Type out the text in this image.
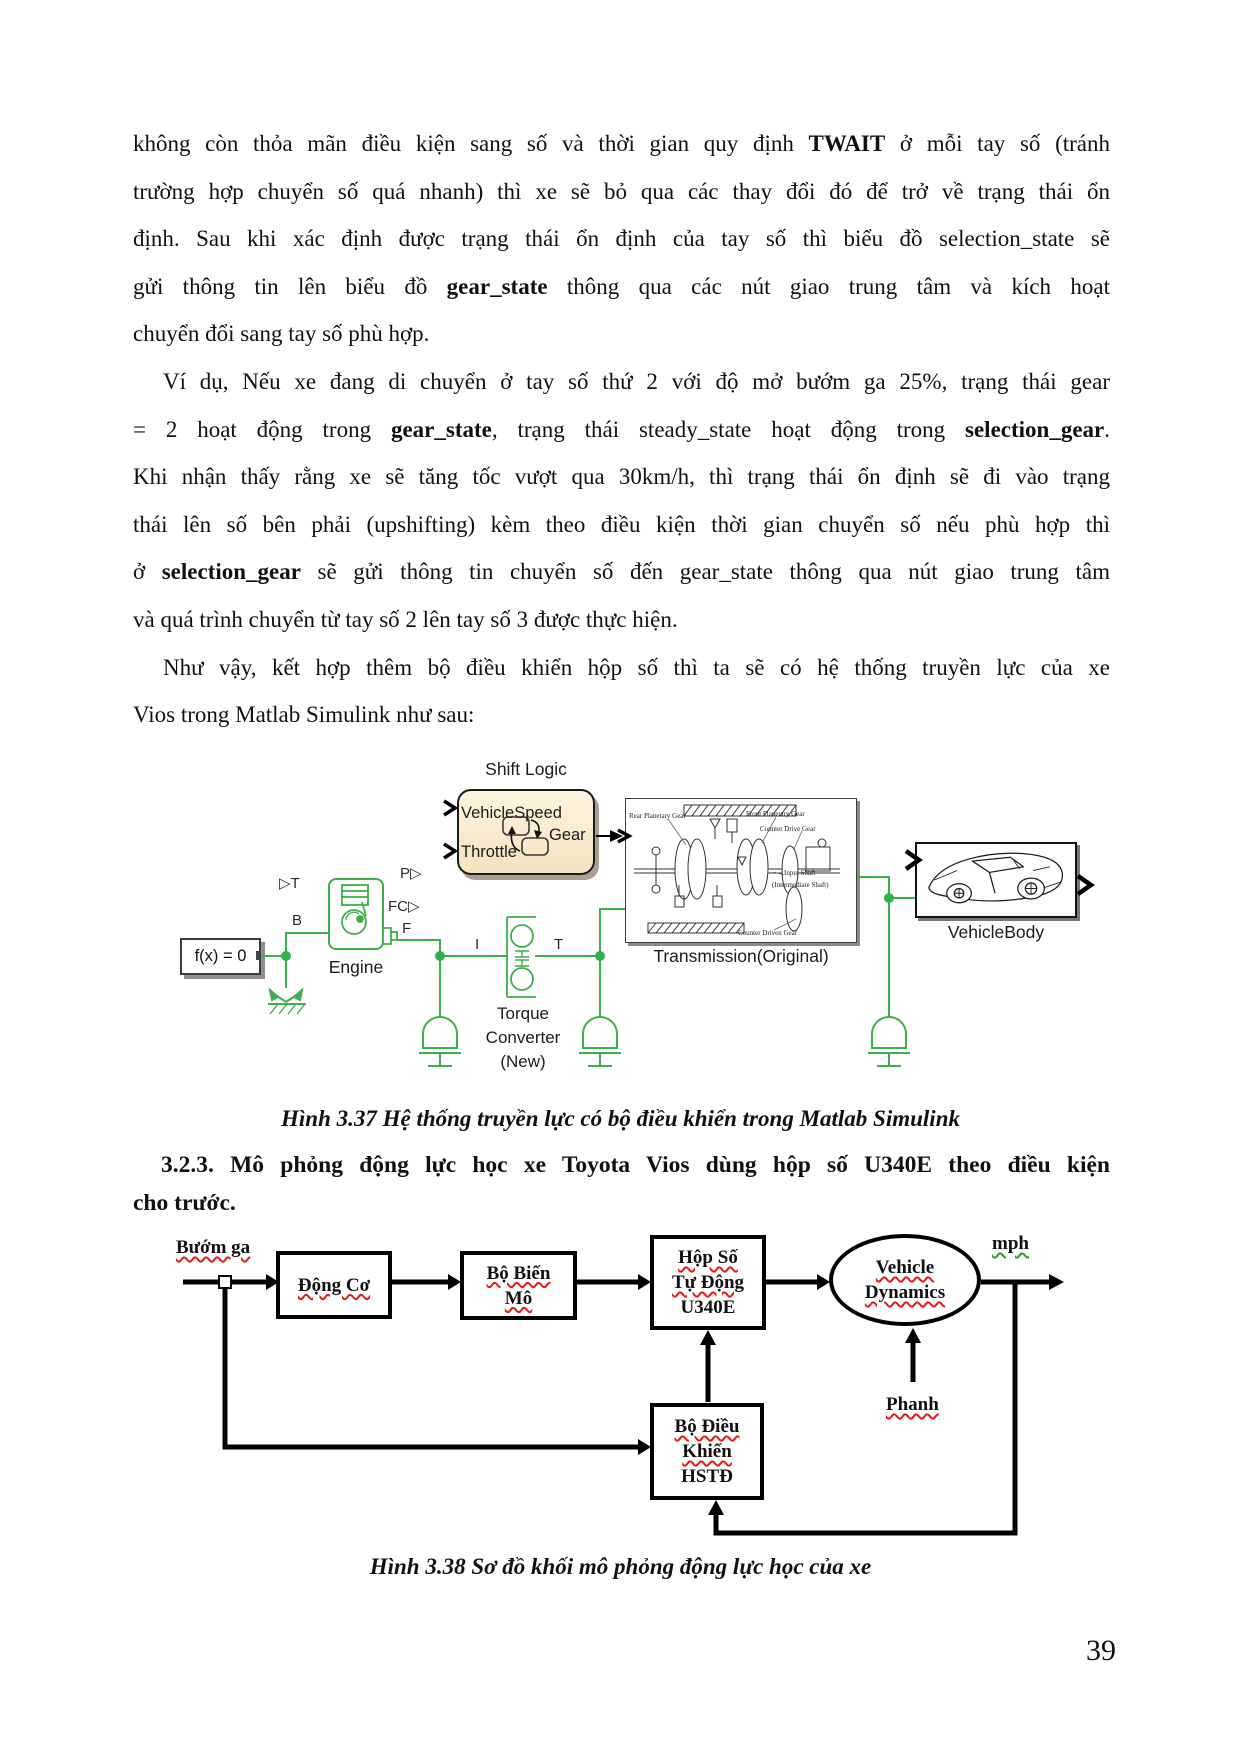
không còn thỏa mãn điều kiện sang số và thời gian quy định TWAIT ở mỗi tay số (tránh
trường hợp chuyển số quá nhanh) thì xe sẽ bỏ qua các thay đổi đó để trở về trạng thái ổn
định. Sau khi xác định được trạng thái ổn định của tay số thì biểu đồ selection_state sẽ
gửi thông tin lên biểu đồ gear_state thông qua các nút giao trung tâm và kích hoạt
chuyển đổi sang tay số phù hợp.
Ví dụ, Nếu xe đang di chuyển ở tay số thứ 2 với độ mở bướm ga 25%, trạng thái gear
= 2 hoạt động trong gear_state, trạng thái steady_state hoạt động trong selection_gear.
Khi nhận thấy rằng xe sẽ tăng tốc vượt qua 30km/h, thì trạng thái ổn định sẽ đi vào trạng
thái lên số bên phải (upshifting) kèm theo điều kiện thời gian chuyển số nếu phù hợp thì
ở selection_gear sẽ gửi thông tin chuyển số đến gear_state thông qua nút giao trung tâm
và quá trình chuyển từ tay số 2 lên tay số 3 được thực hiện.
Như vậy, kết hợp thêm bộ điều khiển hộp số thì ta sẽ có hệ thống truyền lực của xe
Vios trong Matlab Simulink như sau:
f(x) = 0
Rear Planetary Gear	Front Planetary Gear
Counter Drive Gear
Input Shaft
(Intermediate Shaft)
Counter Driven Gear
Shift Logic
VehicleSpeed
Throttle
Gear
Engine
▷T
B
P▷
FC▷
F
I	T
Torque
Converter
(New)
Transmission(Original)
VehicleBody
Hình 3.37 Hệ thống truyền lực có bộ điều khiển trong Matlab Simulink
3.2.3. Mô phỏng động lực học xe Toyota Vios dùng hộp số U340E theo điều kiện
cho trước.
Động Cơ
Bộ Biến
Mô
Hộp Số
Tự Động
U340E
Vehicle
Dynamics
Bộ Điều
Khiển
HSTĐ
Bướm ga	mph
Phanh
Hình 3.38 Sơ đồ khối mô phỏng động lực học của xe
39
